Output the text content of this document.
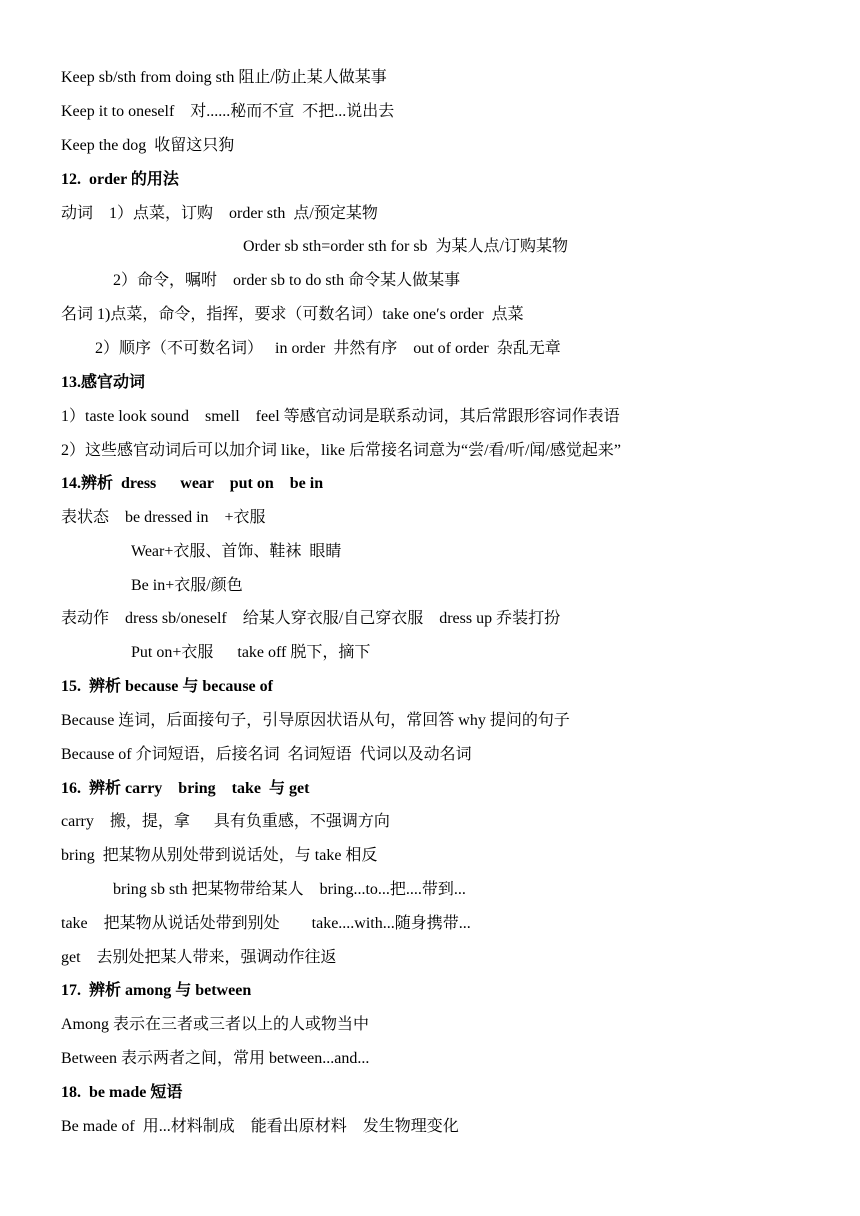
Keep sb/sth from doing sth 阻止/防止某人做某事
Keep it to oneself    对......秘而不宣  不把...说出去
Keep the dog  收留这只狗
12.  order 的用法
动词    1）点菜，订购    order sth  点/预定某物
Order sb sth=order sth for sb  为某人点/订购某物
2）命令，嘱咐    order sb to do sth 命令某人做某事
名词 1)点菜，命令，指挥，要求（可数名词）take one′s order  点菜
2）顺序（不可数名词）   in order  井然有序    out of order  杂乱无章
13.感官动词
1）taste look sound    smell    feel 等感官动词是联系动词，其后常跟形容词作表语
2）这些感官动词后可以加介词 like，like 后常接名词意为“尝/看/听/闻/感觉起来”
14.辨析  dress      wear    put on    be in
表状态    be dressed in    +衣服
Wear+衣服、首饰、鞋袜  眼睛
Be in+衣服/颜色
表动作    dress sb/oneself    给某人穿衣服/自己穿衣服    dress up 乔装打扮
Put on+衣服      take off 脱下，摘下
15.  辨析 because 与 because of
Because 连词，后面接句子，引导原因状语从句，常回答 why 提问的句子
Because of 介词短语，后接名词  名词短语  代词以及动名词
16.  辨析 carry    bring    take  与 get
carry    搬，提，拿      具有负重感，不强调方向
bring  把某物从别处带到说话处，与 take 相反
bring sb sth 把某物带给某人    bring...to...把....带到...
take    把某物从说话处带到别处        take....with...随身携带...
get    去别处把某人带来，强调动作往返
17.  辨析 among 与 between
Among 表示在三者或三者以上的人或物当中
Between 表示两者之间，常用 between...and...
18.  be made 短语
Be made of  用...材料制成    能看出原材料    发生物理变化
